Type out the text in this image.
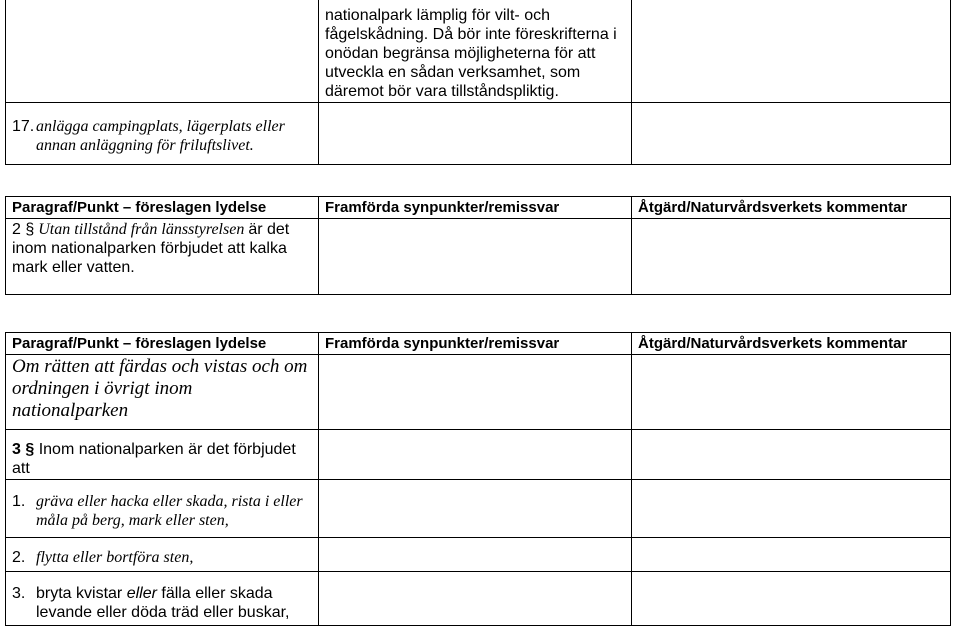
	nationalpark lämplig för vilt- och fågelskådning. Då bör inte föreskrifterna i onödan begränsa möjligheterna för att utveckla en sådan verksamhet, som däremot bör vara tillståndspliktig.	

17. anlägga campingplats, lägerplats eller annan anläggning för friluftslivet.		

Paragraf/Punkt – föreslagen lydelse	Framförda synpunkter/remissvar	Åtgärd/Naturvårdsverkets kommentar
2 § Utan tillstånd från länsstyrelsen är det inom nationalparken förbjudet att kalka mark eller vatten.		
Paragraf/Punkt – föreslagen lydelse	Framförda synpunkter/remissvar	Åtgärd/Naturvårdsverkets kommentar
Om rätten att färdas och vistas och om ordningen i övrigt inom nationalparken		
3 § Inom nationalparken är det förbjudet att		

1. gräva eller hacka eller skada, rista i eller måla på berg, mark eller sten,		

2. flytta eller bortföra sten,		

3. bryta kvistar eller fälla eller skada levande eller döda träd eller buskar,		
